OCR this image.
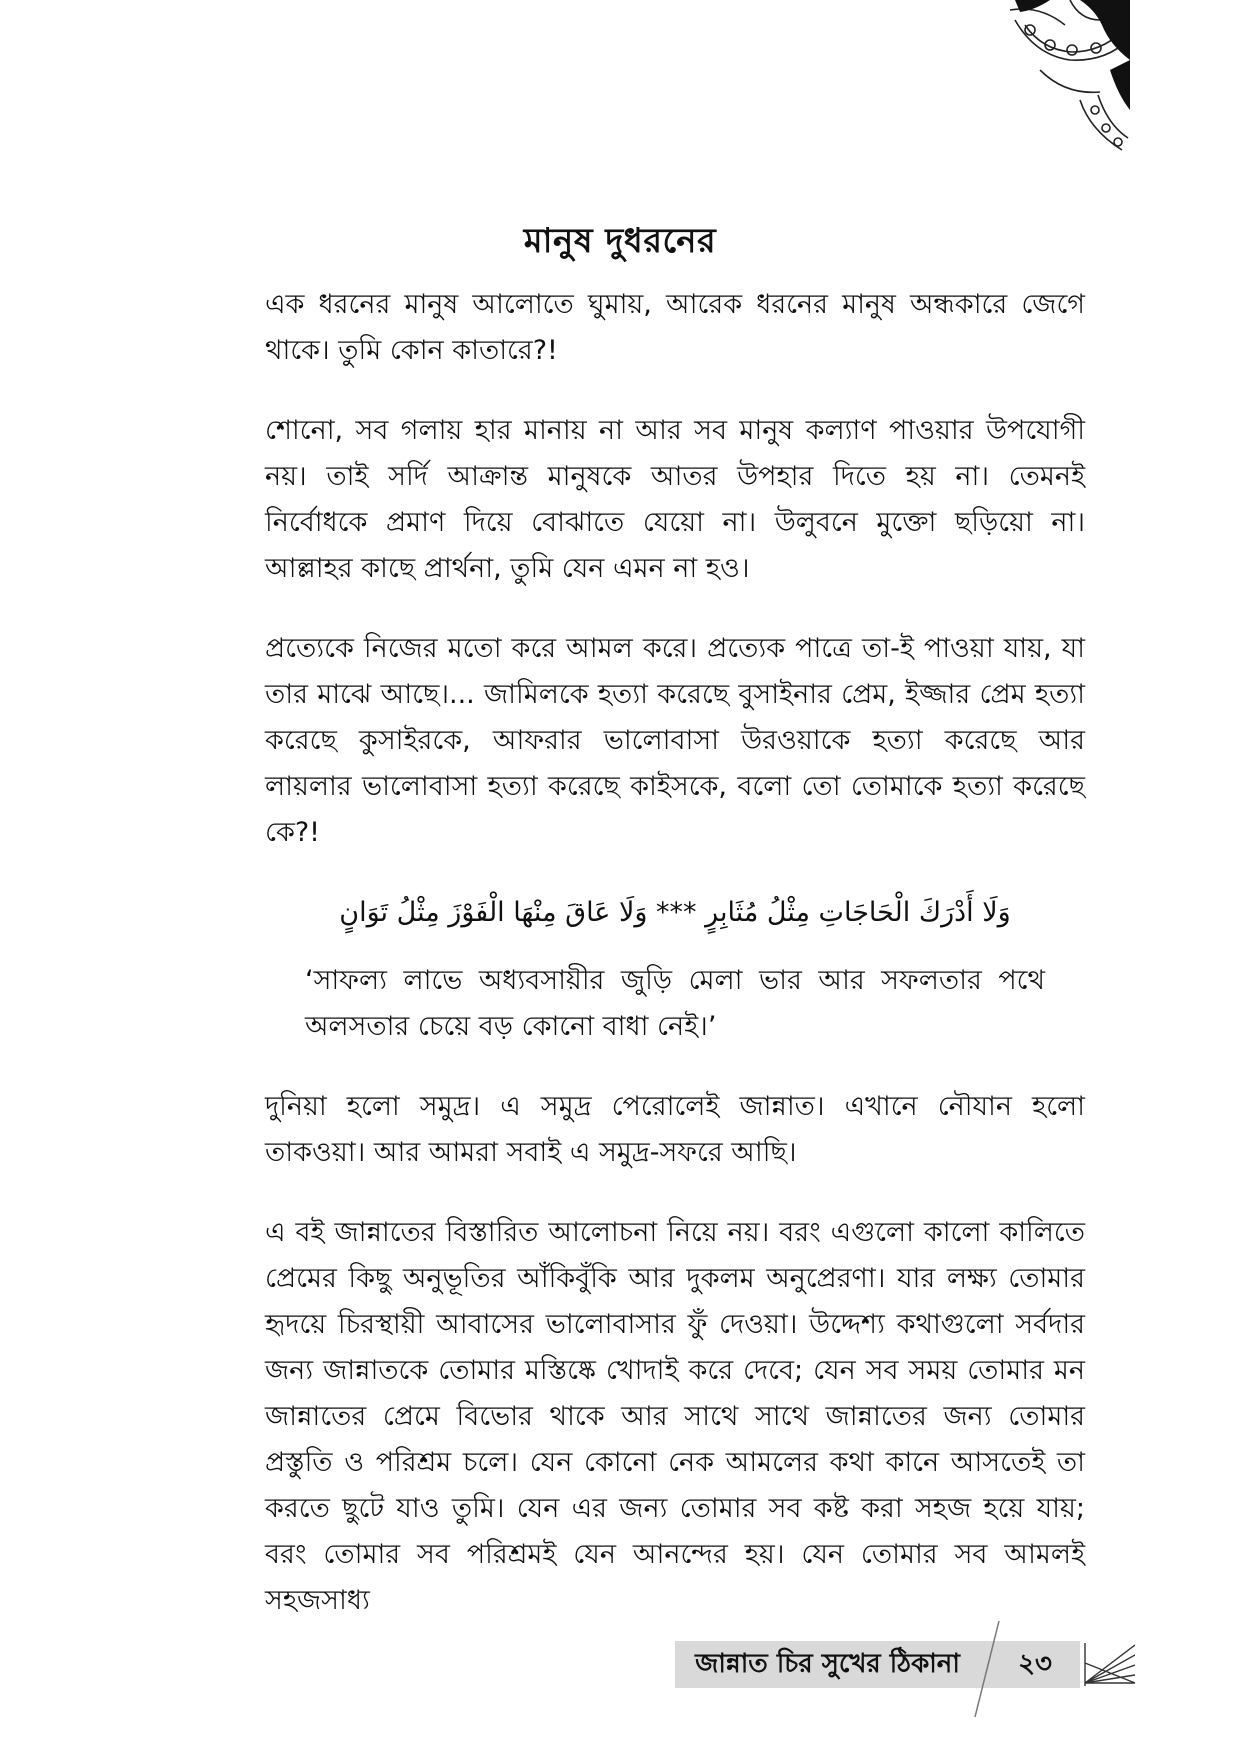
মানুষ দুধরনের

এক ধরনের মানুষ আলোতে ঘুমায়, আরেক ধরনের মানুষ অন্ধকারে জেগে থাকে। তুমি কোন কাতারে?!

শোনো, সব গলায় হার মানায় না আর সব মানুষ কল্যাণ পাওয়ার উপযোগী নয়। তাই সর্দি আক্রান্ত মানুষকে আতর উপহার দিতে হয় না। তেমনই নির্বোধকে প্রমাণ দিয়ে বোঝাতে যেয়ো না। উলুবনে মুক্তো ছড়িয়ো না। আল্লাহর কাছে প্রার্থনা, তুমি যেন এমন না হও।

প্রত্যেকে নিজের মতো করে আমল করে। প্রত্যেক পাত্রে তা-ই পাওয়া যায়, যা তার মাঝে আছে।... জামিলকে হত্যা করেছে বুসাইনার প্রেম, ইজ্জার প্রেম হত্যা করেছে কুসাইরকে, আফরার ভালোবাসা উরওয়াকে হত্যা করেছে আর লায়লার ভালোবাসা হত্যা করেছে কাইসকে, বলো তো তোমাকে হত্যা করেছে কে?!

وَلَا أَدْرَكَ الْحَاجَاتِ مِثْلُ مُثَابِرٍ *** وَلَا عَاقَ مِنْهَا الْفَوْزَ مِثْلُ تَوَانٍ

‘সাফল্য লাভে অধ্যবসায়ীর জুড়ি মেলা ভার আর সফলতার পথে অলসতার চেয়ে বড় কোনো বাধা নেই।’

দুনিয়া হলো সমুদ্র। এ সমুদ্র পেরোলেই জান্নাত। এখানে নৌযান হলো তাকওয়া। আর আমরা সবাই এ সমুদ্র-সফরে আছি।

এ বই জান্নাতের বিস্তারিত আলোচনা নিয়ে নয়। বরং এগুলো কালো কালিতে প্রেমের কিছু অনুভূতির আঁকিবুঁকি আর দুকলম অনুপ্রেরণা। যার লক্ষ্য তোমার হৃদয়ে চিরস্থায়ী আবাসের ভালোবাসার ফুঁ দেওয়া। উদ্দেশ্য কথাগুলো সর্বদার জন্য জান্নাতকে তোমার মস্তিষ্কে খোদাই করে দেবে; যেন সব সময় তোমার মন জান্নাতের প্রেমে বিভোর থাকে আর সাথে সাথে জান্নাতের জন্য তোমার প্রস্তুতি ও পরিশ্রম চলে। যেন কোনো নেক আমলের কথা কানে আসতেই তা করতে ছুটে যাও তুমি। যেন এর জন্য তোমার সব কষ্ট করা সহজ হয়ে যায়; বরং তোমার সব পরিশ্রমই যেন আনন্দের হয়। যেন তোমার সব আমলই সহজসাধ্য

জান্নাত চির সুখের ঠিকানা	২৩
